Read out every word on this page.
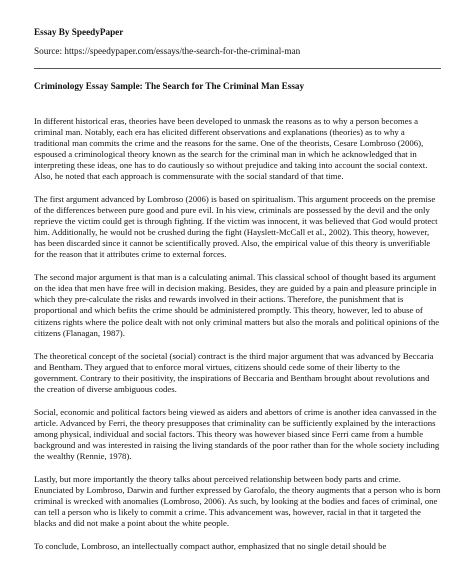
Essay By SpeedyPaper
Source: https://speedypaper.com/essays/the-search-for-the-criminal-man
Criminology Essay Sample: The Search for The Criminal Man Essay

In different historical eras, theories have been developed to unmask the reasons as to why a person becomes a criminal man. Notably, each era has elicited different observations and explanations (theories) as to why a traditional man commits the crime and the reasons for the same. One of the theorists, Cesare Lombroso (2006), espoused a criminological theory known as the search for the criminal man in which he acknowledged that in interpreting these ideas, one has to do cautiously so without prejudice and taking into account the social context. Also, he noted that each approach is commensurate with the social standard of that time.

The first argument advanced by Lombroso (2006) is based on spiritualism. This argument proceeds on the premise of the differences between pure good and pure evil. In his view, criminals are possessed by the devil and the only reprieve the victim could get is through fighting. If the victim was innocent, it was believed that God would protect him. Additionally, he would not be crushed during the fight (Hayslett-McCall et al., 2002). This theory, however, has been discarded since it cannot be scientifically proved. Also, the empirical value of this theory is unverifiable for the reason that it attributes crime to external forces.

The second major argument is that man is a calculating animal. This classical school of thought based its argument on the idea that men have free will in decision making. Besides, they are guided by a pain and pleasure principle in which they pre-calculate the risks and rewards involved in their actions. Therefore, the punishment that is proportional and which befits the crime should be administered promptly. This theory, however, led to abuse of citizens rights where the police dealt with not only criminal matters but also the morals and political opinions of the citizens (Flanagan, 1987).

The theoretical concept of the societal (social) contract is the third major argument that was advanced by Beccaria and Bentham. They argued that to enforce moral virtues, citizens should cede some of their liberty to the government. Contrary to their positivity, the inspirations of Beccaria and Bentham brought about revolutions and the creation of diverse ambiguous codes.

Social, economic and political factors being viewed as aiders and abettors of crime is another idea canvassed in the article. Advanced by Ferri, the theory presupposes that criminality can be sufficiently explained by the interactions among physical, individual and social factors. This theory was however biased since Ferri came from a humble background and was interested in raising the living standards of the poor rather than for the whole society including the wealthy (Rennie, 1978).

Lastly, but more importantly the theory talks about perceived relationship between body parts and crime. Enunciated by Lombroso, Darwin and further expressed by Garofalo, the theory augments that a person who is born criminal is wrecked with anomalies (Lombroso, 2006). As such, by looking at the bodies and faces of criminal, one can tell a person who is likely to commit a crime. This advancement was, however, racial in that it targeted the blacks and did not make a point about the white people.

To conclude, Lombroso, an intellectually compact author, emphasized that no single detail should be
